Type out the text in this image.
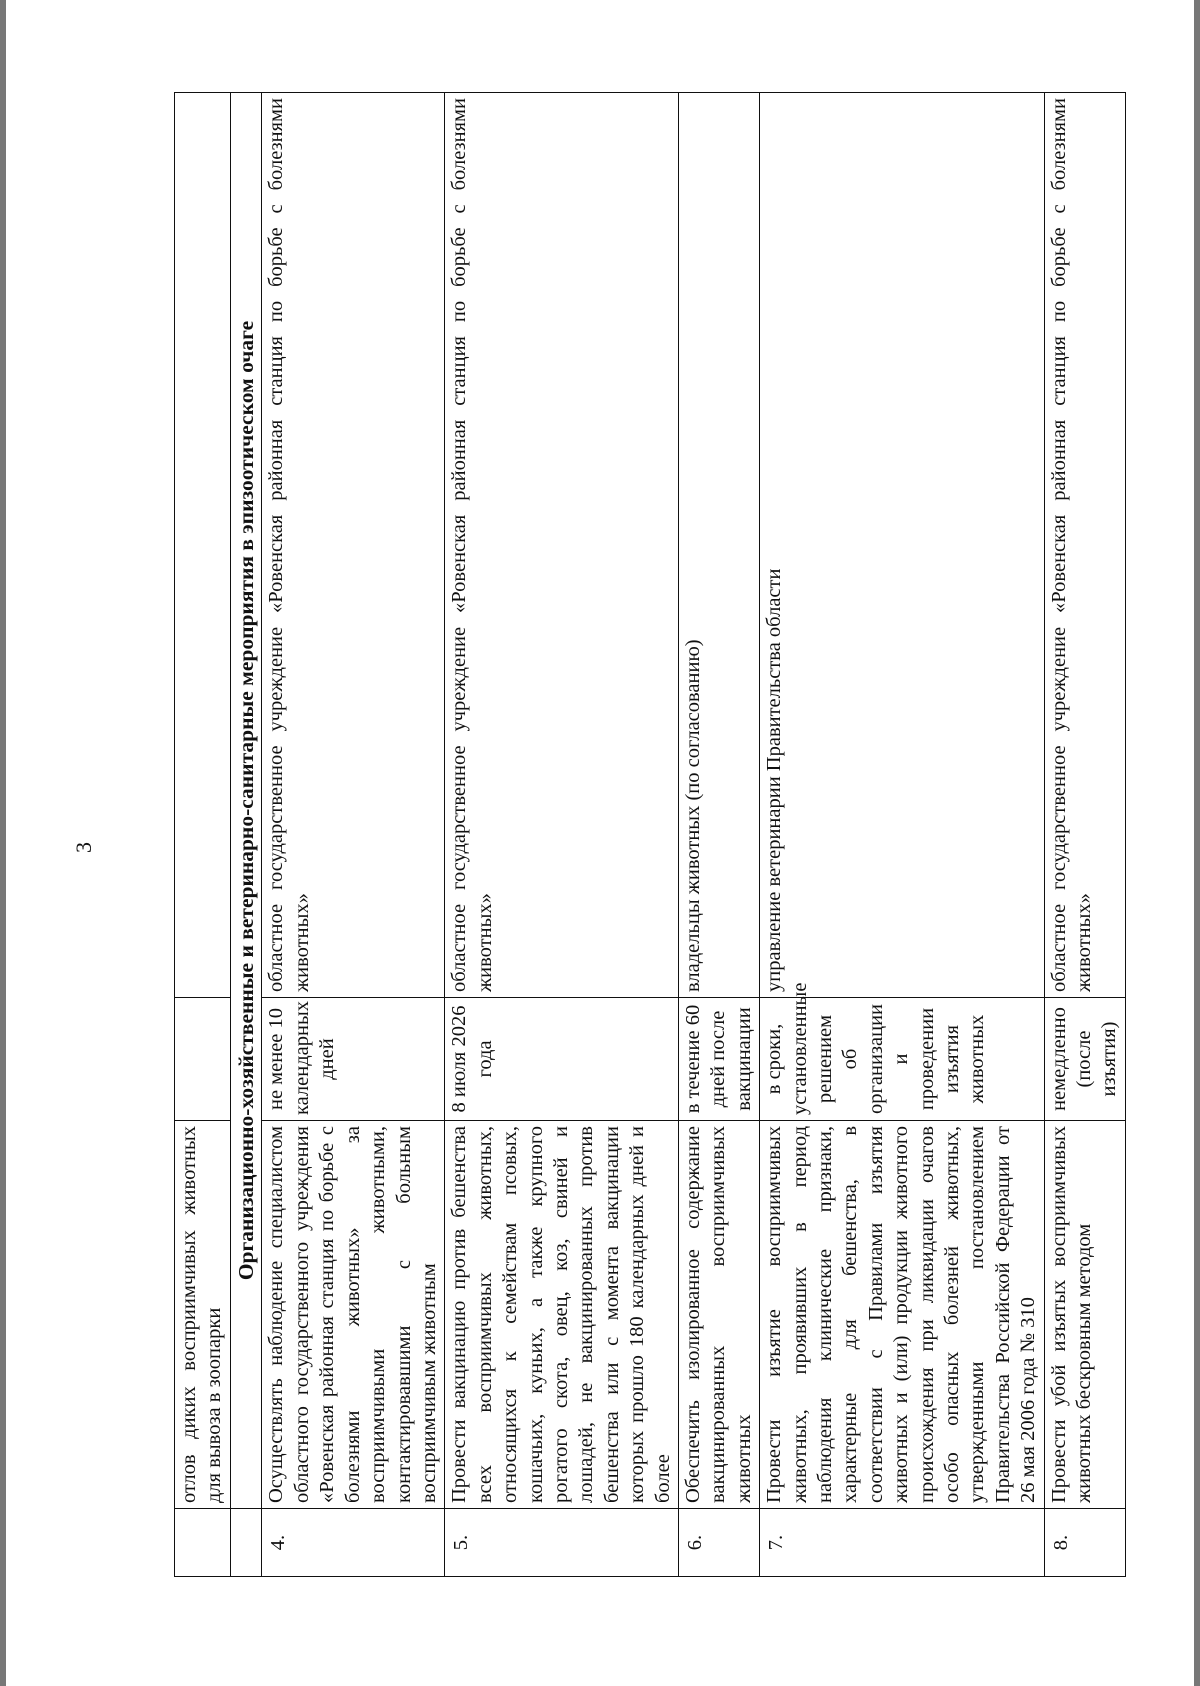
3
	отлов диких восприимчивых животных для вывоза в зоопарки		
	Организационно-хозяйственные и ветеринарно-санитарные мероприятия в эпизоотическом очаге		
4.	Осуществлять наблюдение специалистом областного государственного учреждения «Ровенская районная станция по борьбе с болезнями животных» за восприимчивыми животными, контактировавшими с больным восприимчивым животным	не менее 10 календарных дней	областное государственное учреждение «Ровенская районная станция по борьбе с болезнями животных»
5.	Провести вакцинацию против бешенства всех восприимчивых животных, относящихся к семействам псовых, кошачьих, куньих, а также крупного рогатого скота, овец, коз, свиней и лошадей, не вакцинированных против бешенства или с момента вакцинации которых прошло 180 календарных дней и более	8 июля 2026 года	областное государственное учреждение «Ровенская районная станция по борьбе с болезнями животных»
6.	Обеспечить изолированное содержание вакцинированных восприимчивых животных	в течение 60 дней после вакцинации	владельцы животных (по согласованию)
7.	Провести изъятие восприимчивых животных, проявивших в период наблюдения клинические признаки, характерные для бешенства, в соответствии с Правилами изъятия животных и (или) продукции животного происхождения при ликвидации очагов особо опасных болезней животных, утвержденными постановлением Правительства Российской Федерации от 26 мая 2006 года № 310	в сроки, установленные решением об организации и проведении изъятия животных	управление ветеринарии Правительства области
8.	Провести убой изъятых восприимчивых животных бескровным методом	немедленно (после изъятия)	областное государственное учреждение «Ровенская районная станция по борьбе с болезнями животных»
